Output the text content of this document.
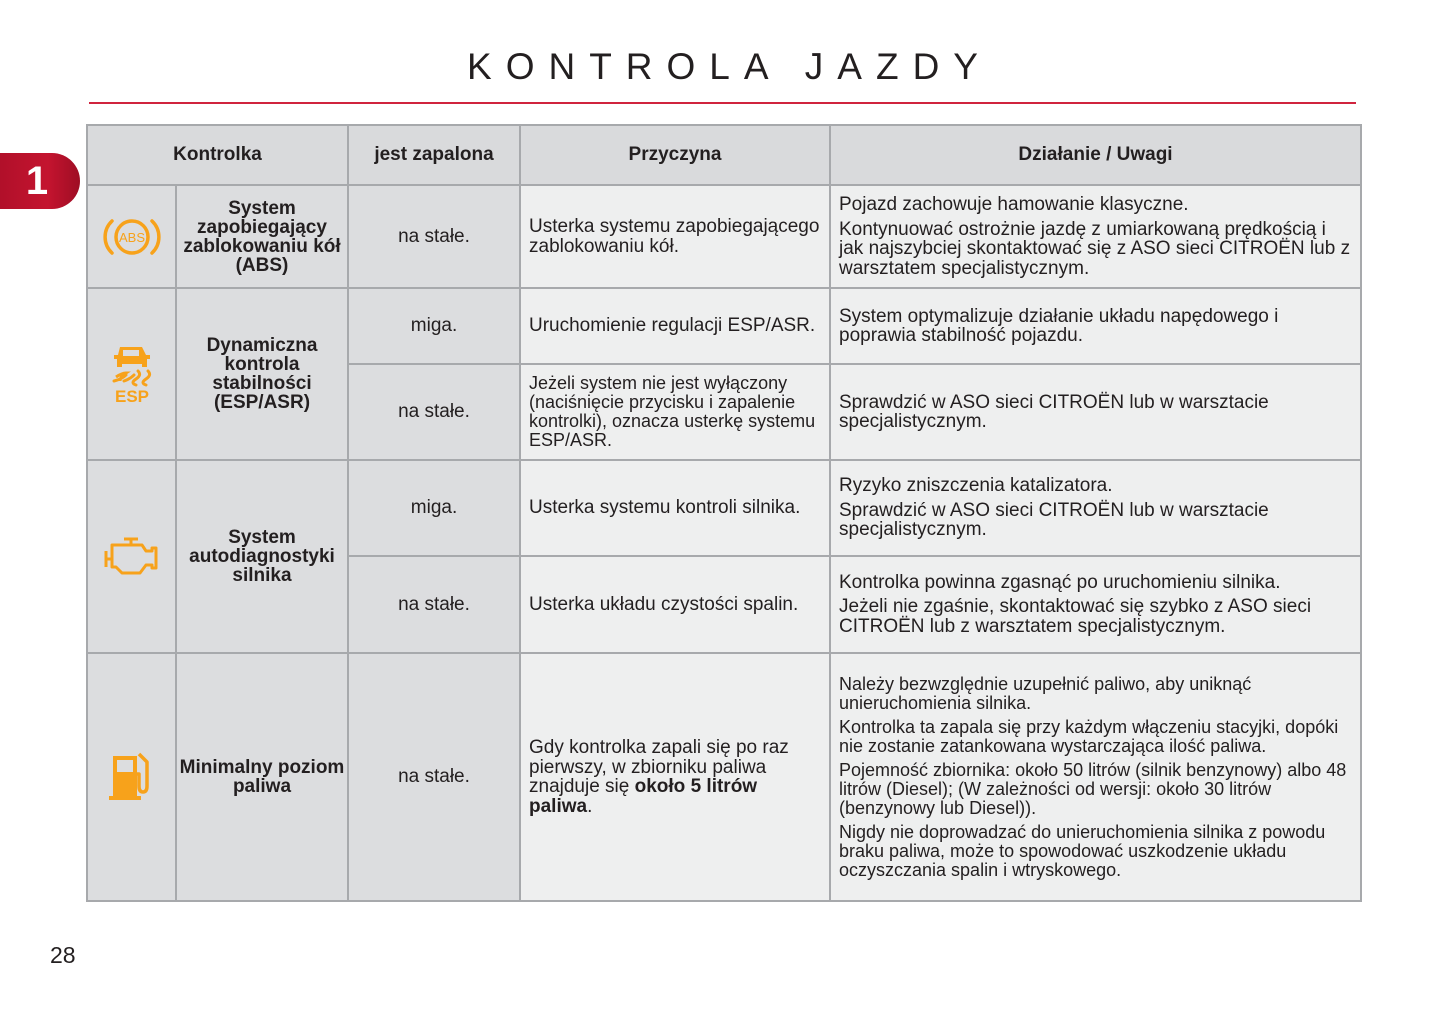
KONTROLA JAZDY
1
Kontrolka		jest zapalona	Przyczyna	Działanie / Uwagi

ABS	System zapobiegający zablokowaniu kół (ABS)	na stałe.	Usterka systemu zapobiegającego zablokowaniu kół.	Pojazd zachowuje hamowanie klasyczne.

Kontynuować ostrożnie jazdę z umiarkowaną prędkością i jak najszybciej skontaktować się z ASO sieci CITROËN lub z warsztatem specjalistycznym.

ESP	Dynamiczna kontrola stabilności (ESP/ASR)	miga.	Uruchomienie regulacji ESP/ASR.	System optymalizuje działanie układu napędowego i poprawia stabilność pojazdu.

		na stałe.	Jeżeli system nie jest wyłączony (naciśnięcie przycisku i zapalenie kontrolki), oznacza usterkę systemu ESP/ASR.	Sprawdzić w ASO sieci CITROËN lub w warsztacie specjalistycznym.

	System autodiagnostyki silnika	miga.	Usterka systemu kontroli silnika.	Ryzyko zniszczenia katalizatora.

Sprawdzić w ASO sieci CITROËN lub w warsztacie specjalistycznym.

		na stałe.	Usterka układu czystości spalin.	Kontrolka powinna zgasnąć po uruchomieniu silnika.

Jeżeli nie zgaśnie, skontaktować się szybko z ASO sieci CITROËN lub z warsztatem specjalistycznym.

	Minimalny poziom paliwa	na stałe.	Gdy kontrolka zapali się po raz pierwszy, w zbiorniku paliwa znajduje się około 5 litrów paliwa.	Należy bezwzględnie uzupełnić paliwo, aby uniknąć unieruchomienia silnika.

Kontrolka ta zapala się przy każdym włączeniu stacyjki, dopóki nie zostanie zatankowana wystarczająca ilość paliwa.

Pojemność zbiornika: około 50 litrów (silnik benzynowy) albo 48 litrów (Diesel); (W zależności od wersji: około 30 litrów (benzynowy lub Diesel)).

Nigdy nie doprowadzać do unieruchomienia silnika z powodu braku paliwa, może to spowodować uszkodzenie układu oczyszczania spalin i wtryskowego.

28
